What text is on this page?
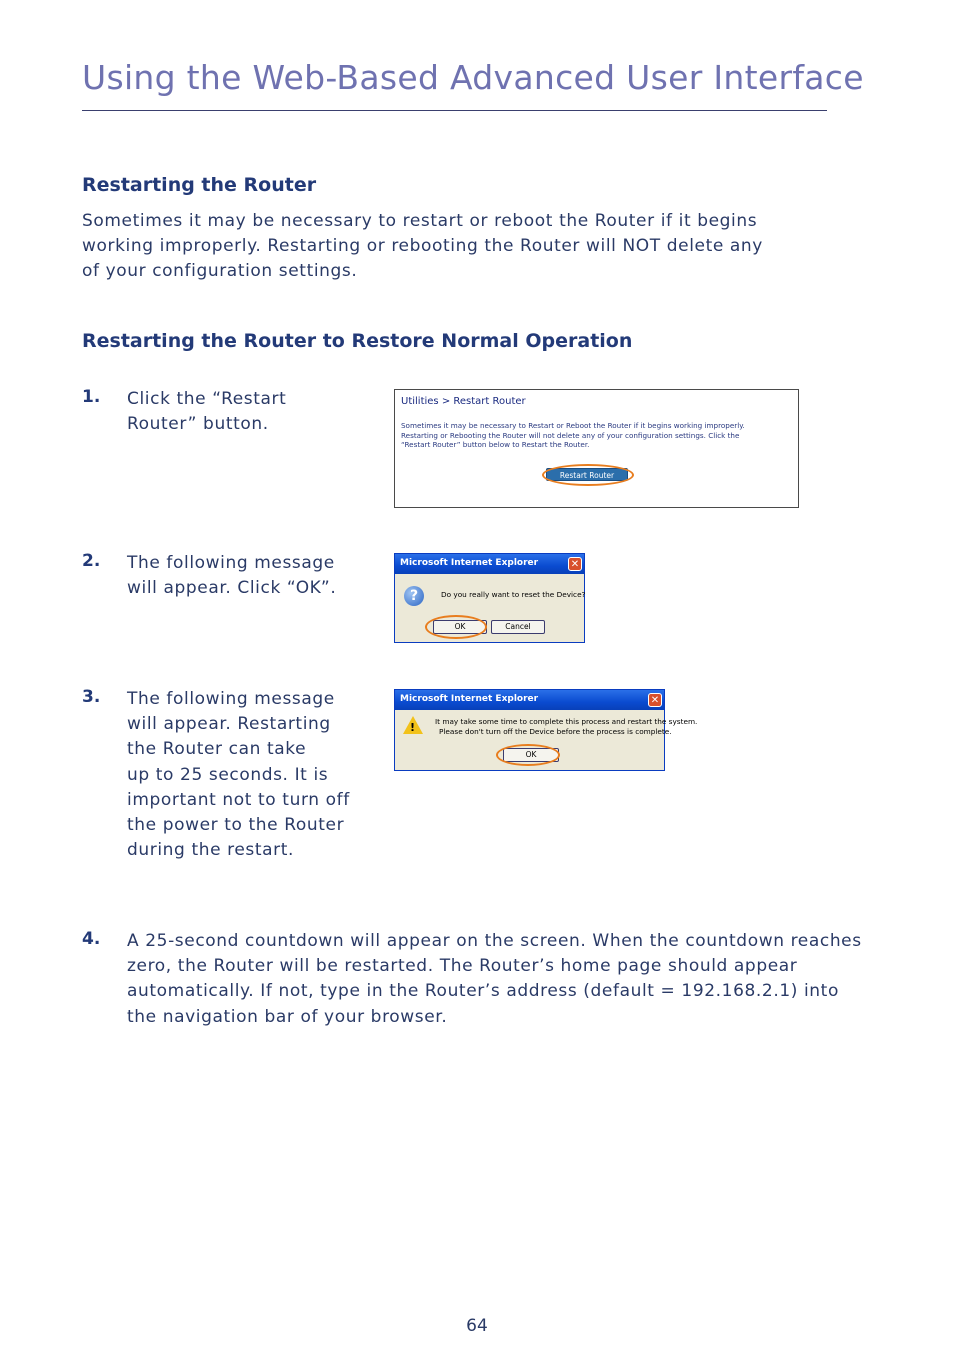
Using the Web-Based Advanced User Interface
Restarting the Router

Sometimes it may be necessary to restart or reboot the Router if it begins
working improperly. Restarting or rebooting the Router will NOT delete any
of your configuration settings.

Restarting the Router to Restore Normal Operation
1. Click the “Restart
Router” button.
Utilities > Restart Router
Sometimes it may be necessary to Restart or Reboot the Router if it begins working improperly.
Restarting or Rebooting the Router will not delete any of your configuration settings. Click the
“Restart Router” button below to Restart the Router.
Restart Router
2. The following message
will appear. Click “OK”.
Microsoft Internet Explorer	✕
?	Do you really want to reset the Device?
OK	Cancel
3. The following message
will appear. Restarting
the Router can take
up to 25 seconds. It is
important not to turn off
the power to the Router
during the restart.
Microsoft Internet Explorer	✕
!	It may take some time to complete this process and restart the system.
Please don't turn off the Device before the process is complete.
OK
4. A 25-second countdown will appear on the screen. When the countdown reaches
zero, the Router will be restarted. The Router’s home page should appear
automatically. If not, type in the Router’s address (default = 192.168.2.1) into
the navigation bar of your browser.
64
